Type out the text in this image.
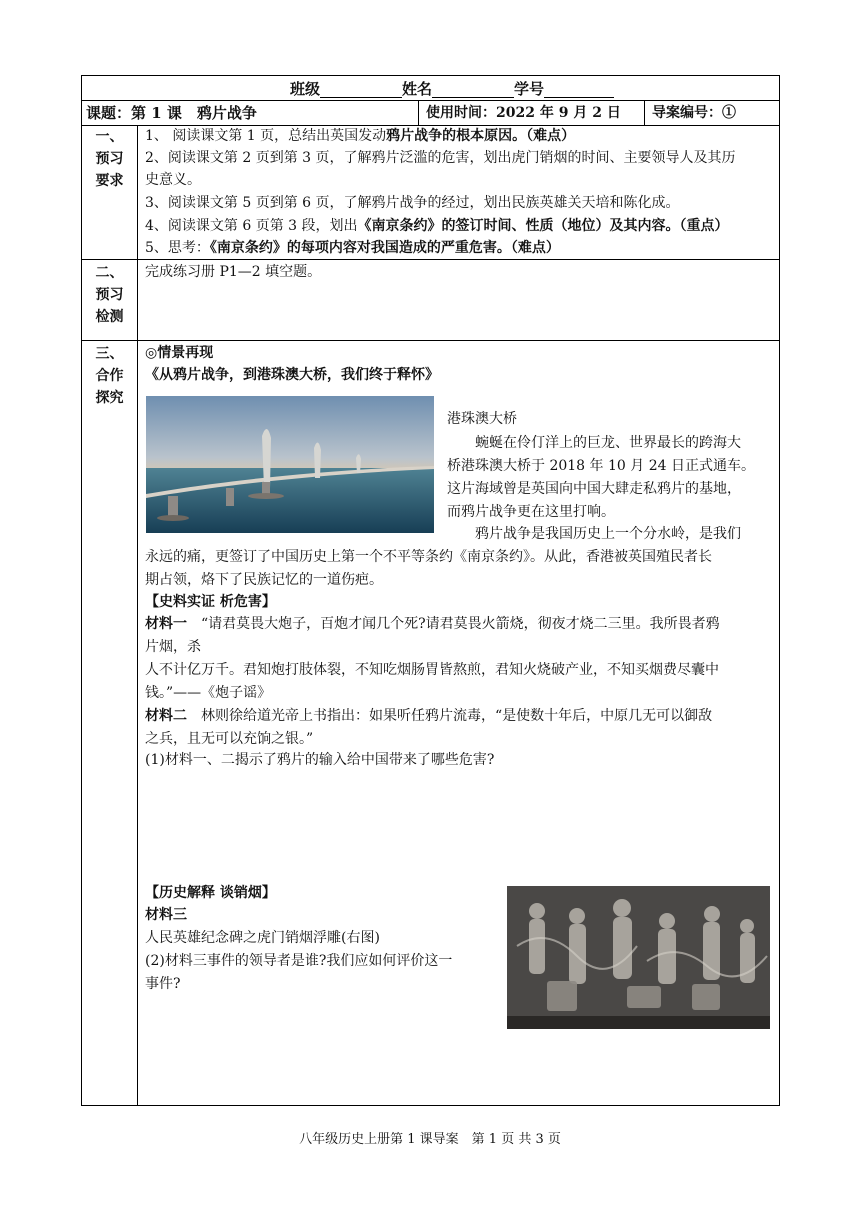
班级	姓名	学号
课题：第 1 课　鸦片战争	使用时间：2022 年 9 月 2 日 导案编号：①
一、
预习
要求
1、 阅读课文第 1 页，总结出英国发动鸦片战争的根本原因。（难点）
2、阅读课文第 2 页到第 3 页，了解鸦片泛滥的危害，划出虎门销烟的时间、主要领导人及其历
史意义。
3、阅读课文第 5 页到第 6 页，了解鸦片战争的经过，划出民族英雄关天培和陈化成。
4、阅读课文第 6 页第 3 段，划出《南京条约》的签订时间、性质（地位）及其内容。（重点）
5、思考：《南京条约》的每项内容对我国造成的严重危害。（难点）
二、
预习
检测
完成练习册 P1—2 填空题。
三、
合作
探究
◎情景再现
《从鸦片战争，到港珠澳大桥，我们终于释怀》
港珠澳大桥
　　蜿蜒在伶仃洋上的巨龙、世界最长的跨海大
桥港珠澳大桥于 2018 年 10 月 24 日正式通车。
这片海域曾是英国向中国大肆走私鸦片的基地，
而鸦片战争更在这里打响。
　　鸦片战争是我国历史上一个分水岭，是我们
永远的痛，更签订了中国历史上第一个不平等条约《南京条约》。从此，香港被英国殖民者长
期占领，烙下了民族记忆的一道伤疤。
【史料实证 析危害】
材料一　“请君莫畏大炮子，百炮才闻几个死?请君莫畏火箭烧，彻夜才烧二三里。我所畏者鸦
片烟，杀
人不计亿万千。君知炮打肢体裂，不知吃烟肠胃皆熬煎，君知火烧破产业，不知买烟费尽囊中
钱。”——《炮子谣》
材料二　林则徐给道光帝上书指出：如果听任鸦片流毒，“是使数十年后，中原几无可以御敌
之兵，且无可以充饷之银。”
(1)材料一、二揭示了鸦片的输入给中国带来了哪些危害?
【历史解释 谈销烟】
材料三
人民英雄纪念碑之虎门销烟浮雕(右图)
(2)材料三事件的领导者是谁?我们应如何评价这一
事件?
八年级历史上册第 1 课导案　第 1 页 共 3 页
